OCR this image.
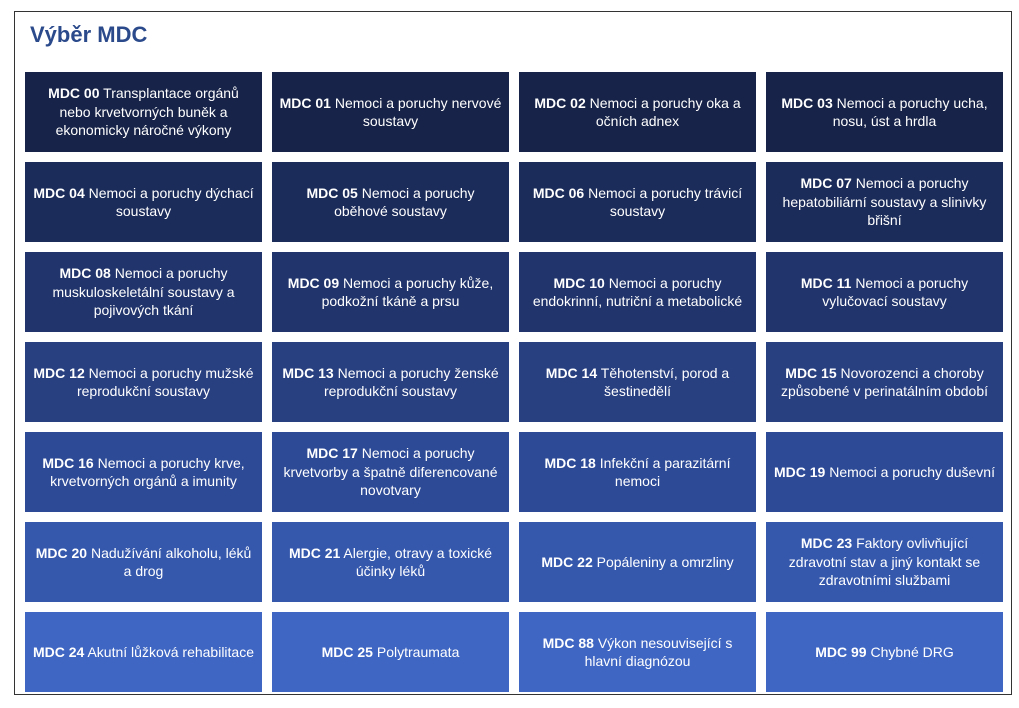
Výběr MDC
MDC 00 Transplantace orgánů nebo krvetvorných buněk a ekonomicky náročné výkony
MDC 01 Nemoci a poruchy nervové soustavy
MDC 02 Nemoci a poruchy oka a očních adnex
MDC 03 Nemoci a poruchy ucha, nosu, úst a hrdla
MDC 04 Nemoci a poruchy dýchací soustavy
MDC 05 Nemoci a poruchy oběhové soustavy
MDC 06 Nemoci a poruchy trávicí soustavy
MDC 07 Nemoci a poruchy hepatobiliární soustavy a slinivky břišní
MDC 08 Nemoci a poruchy muskuloskeletální soustavy a pojivových tkání
MDC 09 Nemoci a poruchy kůže, podkožní tkáně a prsu
MDC 10 Nemoci a poruchy endokrinní, nutriční a metabolické
MDC 11 Nemoci a poruchy vylučovací soustavy
MDC 12 Nemoci a poruchy mužské reprodukční soustavy
MDC 13 Nemoci a poruchy ženské reprodukční soustavy
MDC 14 Těhotenství, porod a šestinedělí
MDC 15 Novorozenci a choroby způsobené v perinatálním období
MDC 16 Nemoci a poruchy krve, krvetvorných orgánů a imunity
MDC 17 Nemoci a poruchy krvetvorby a špatně diferencované novotvary
MDC 18 Infekční a parazitární nemoci
MDC 19 Nemoci a poruchy duševní
MDC 20 Nadužívání alkoholu, léků a drog
MDC 21 Alergie, otravy a toxické účinky léků
MDC 22 Popáleniny a omrzliny
MDC 23 Faktory ovlivňující zdravotní stav a jiný kontakt se zdravotními službami
MDC 24 Akutní lůžková rehabilitace	MDC 25 Polytraumata
MDC 88 Výkon nesouvisející s hlavní diagnózou
MDC 99 Chybné DRG
